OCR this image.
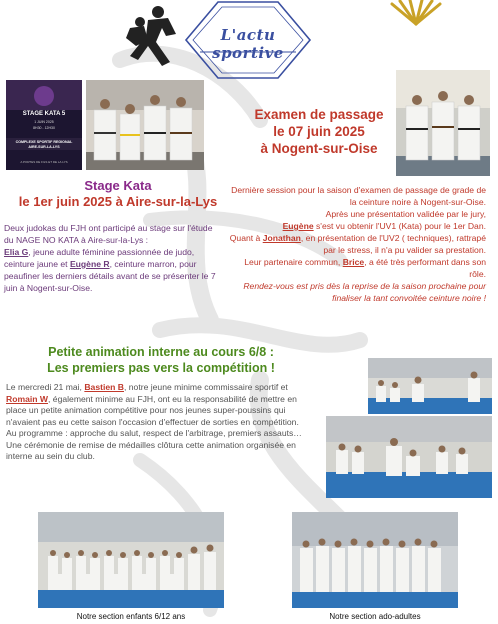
L'actu sportive
STAGE KATA 5
1 JUIN 2025
8H30 - 12H30
COMPLEXE SPORTIF REGIONAL
AIRE-SUR-LA-LYS
A PORTES DE FILS ET DE LA LYS
Examen de passage
le 07 juin 2025
à Nogent-sur-Oise

Dernière session pour la saison d'examen de passage de grade de la ceinture noire à Nogent-sur-Oise.

Après une présentation validée par le jury,

Eugène s'est vu obtenir l'UV1 (Kata) pour le 1er Dan.

Quant à Jonathan, en présentation de l'UV2 ( techniques), rattrapé par le stress, il n'a pu valider sa prestation.

Leur partenaire commun, Brice, a été très performant dans son rôle.

Rendez-vous est pris dès la reprise de la saison prochaine pour finaliser la tant convoitée ceinture noire !

Stage Kata
le 1er juin 2025 à Aire-sur-la-Lys

Deux judokas du FJH ont participé au stage sur l'étude du NAGE NO KATA à Aire-sur-la-Lys :

Elia G, jeune adulte féminine passionnée de judo, ceinture jaune et Eugène R, ceinture marron, pour peaufiner les derniers détails avant de se présenter le 7 juin à Nogent-sur-Oise.

Petite animation interne au cours 6/8 :
Les premiers pas vers la compétition !

Le mercredi 21 mai, Bastien B, notre jeune minime commissaire sportif et Romain W, également minime au FJH, ont eu la responsabilité de mettre en place un petite animation compétitive pour nos jeunes super-poussins qui n'avaient pas eu cette saison l'occasion d'effectuer de sorties en compétition.

Au programme : approche du salut, respect de l'arbitrage, premiers assauts…

Une cérémonie de remise de médailles clôtura cette animation organisée en interne au sein du club.

Notre section enfants 6/12 ans	Notre section ado-adultes
